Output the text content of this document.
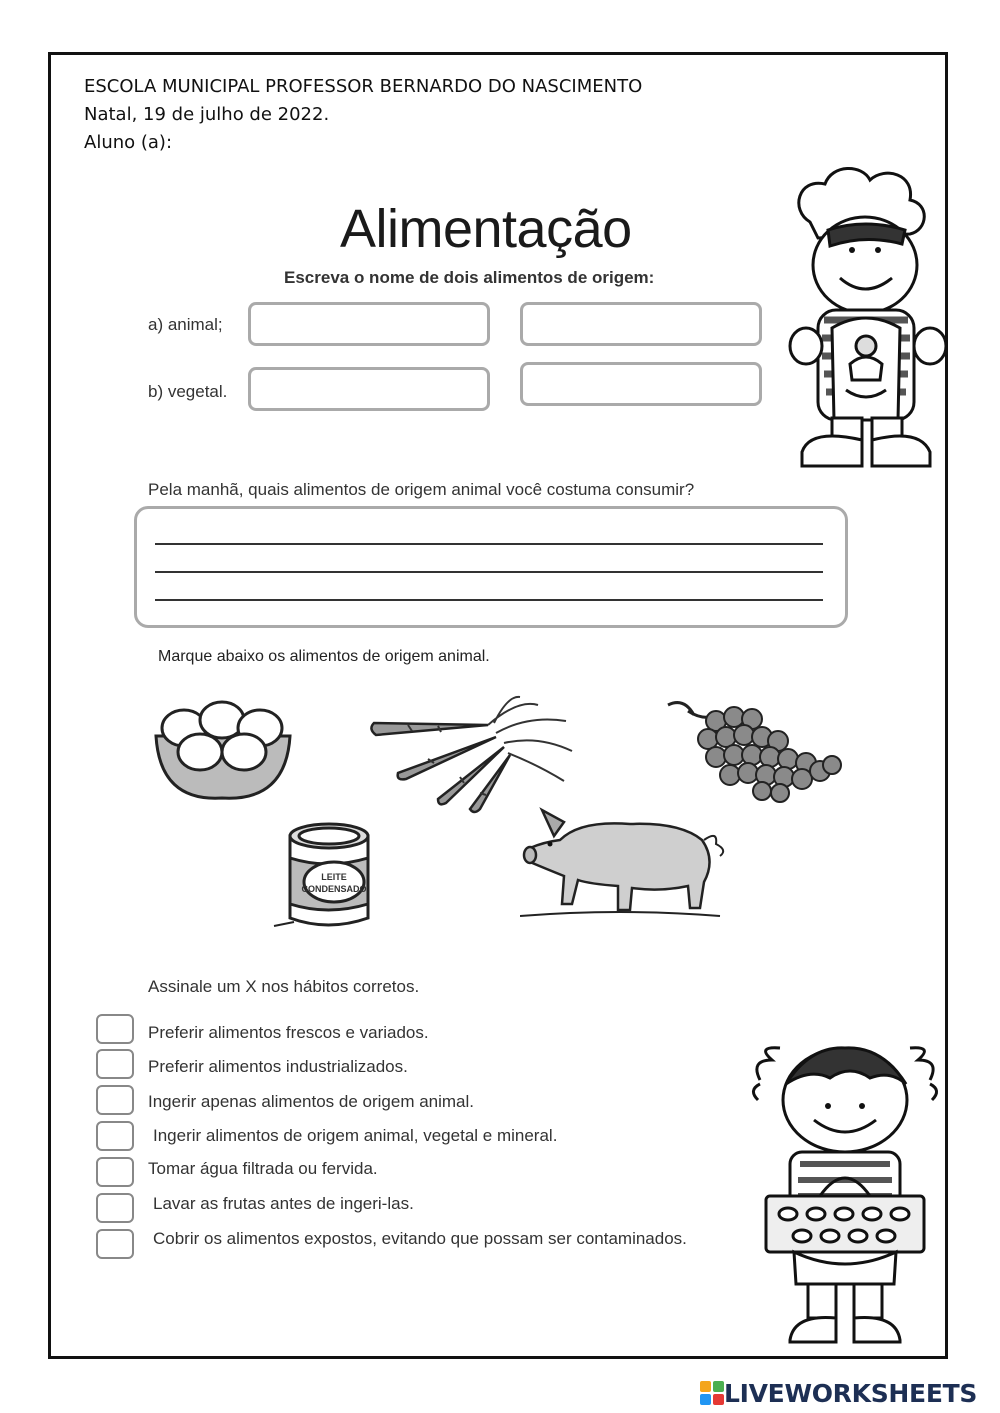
ESCOLA MUNICIPAL PROFESSOR BERNARDO DO NASCIMENTO
Natal, 19 de julho de 2022.
Aluno (a):
Alimentação
Escreva o nome de dois alimentos de origem:
a) animal;
b) vegetal.
Pela manhã, quais alimentos de origem animal você costuma consumir?
Marque abaixo os alimentos de origem animal.
LEITE
CONDENSADO
Assinale um X nos hábitos corretos.
Preferir alimentos frescos e variados.
Preferir alimentos industrializados.
Ingerir apenas alimentos de origem animal.
Ingerir alimentos de origem animal, vegetal e mineral.
Tomar água filtrada ou fervida.
Lavar as frutas antes de ingeri-las.
Cobrir os alimentos expostos, evitando que possam ser contaminados.
LIVEWORKSHEETS
